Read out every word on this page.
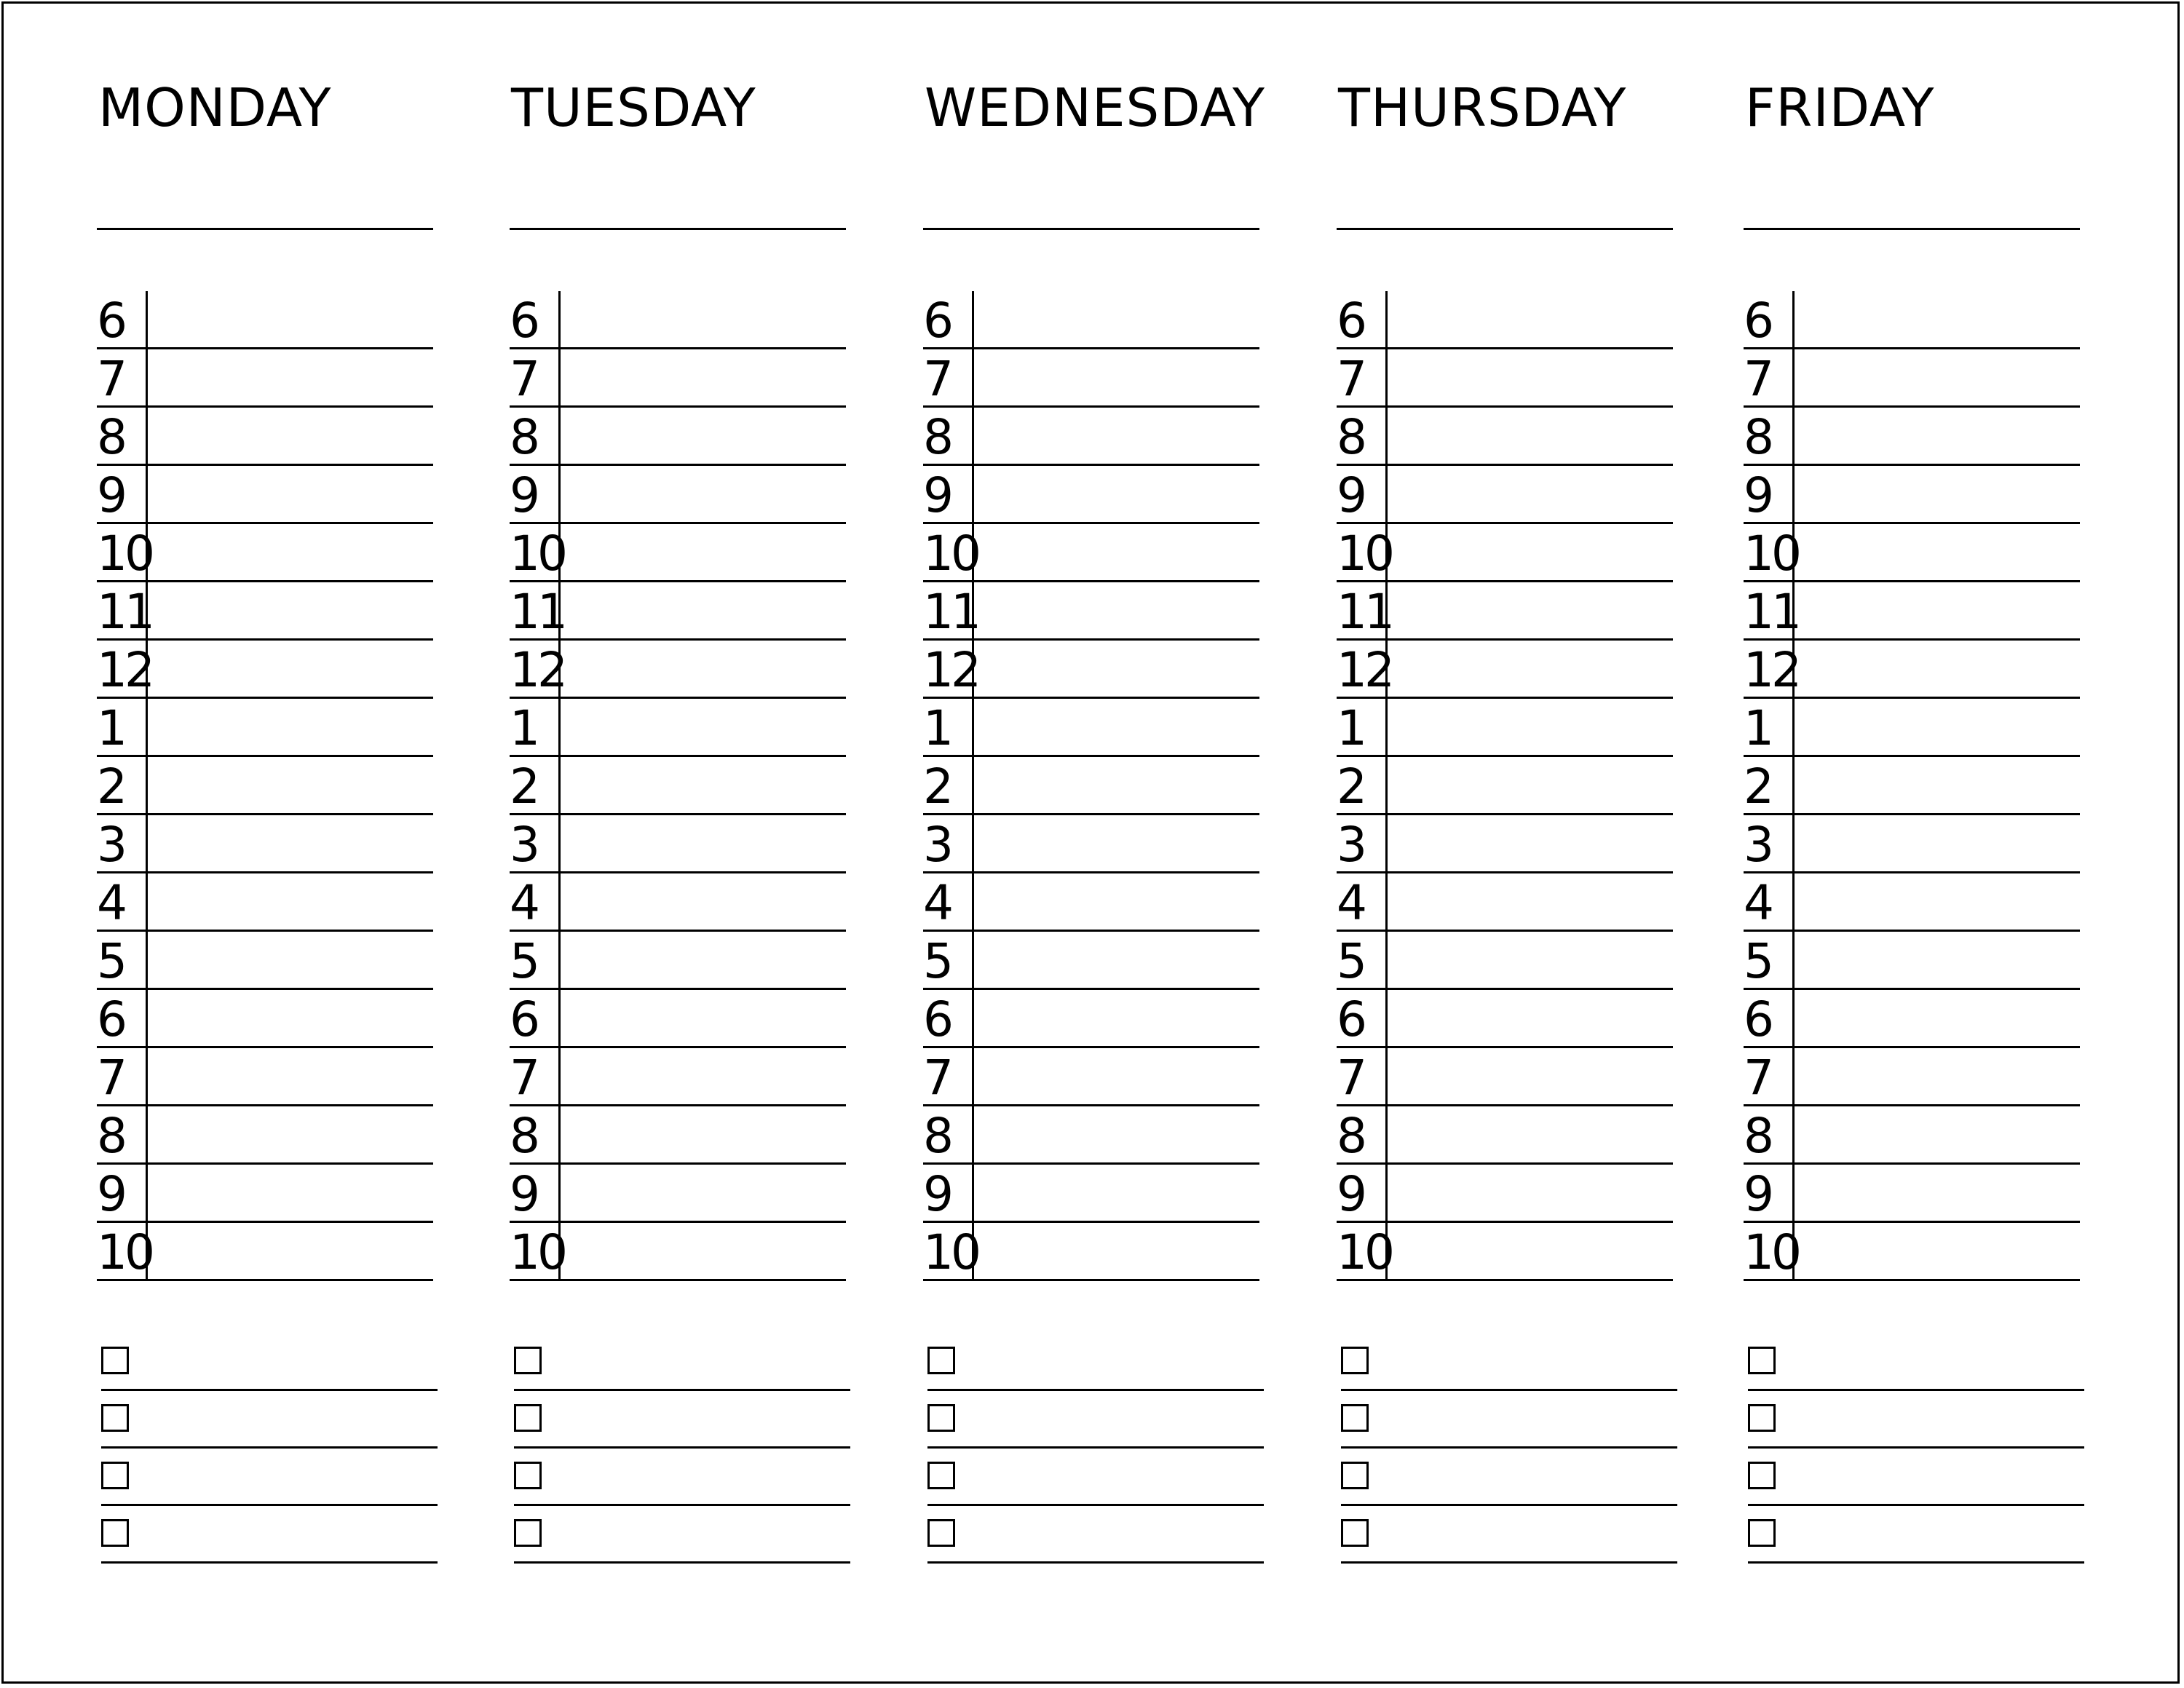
MONDAY
6
7
8
9
10
11
12
1
2
3
4
5
6
7
8
9
10
TUESDAY
6
7
8
9
10
11
12
1
2
3
4
5
6
7
8
9
10
WEDNESDAY
6
7
8
9
10
11
12
1
2
3
4
5
6
7
8
9
10
THURSDAY
6
7
8
9
10
11
12
1
2
3
4
5
6
7
8
9
10
FRIDAY
6
7
8
9
10
11
12
1
2
3
4
5
6
7
8
9
10
